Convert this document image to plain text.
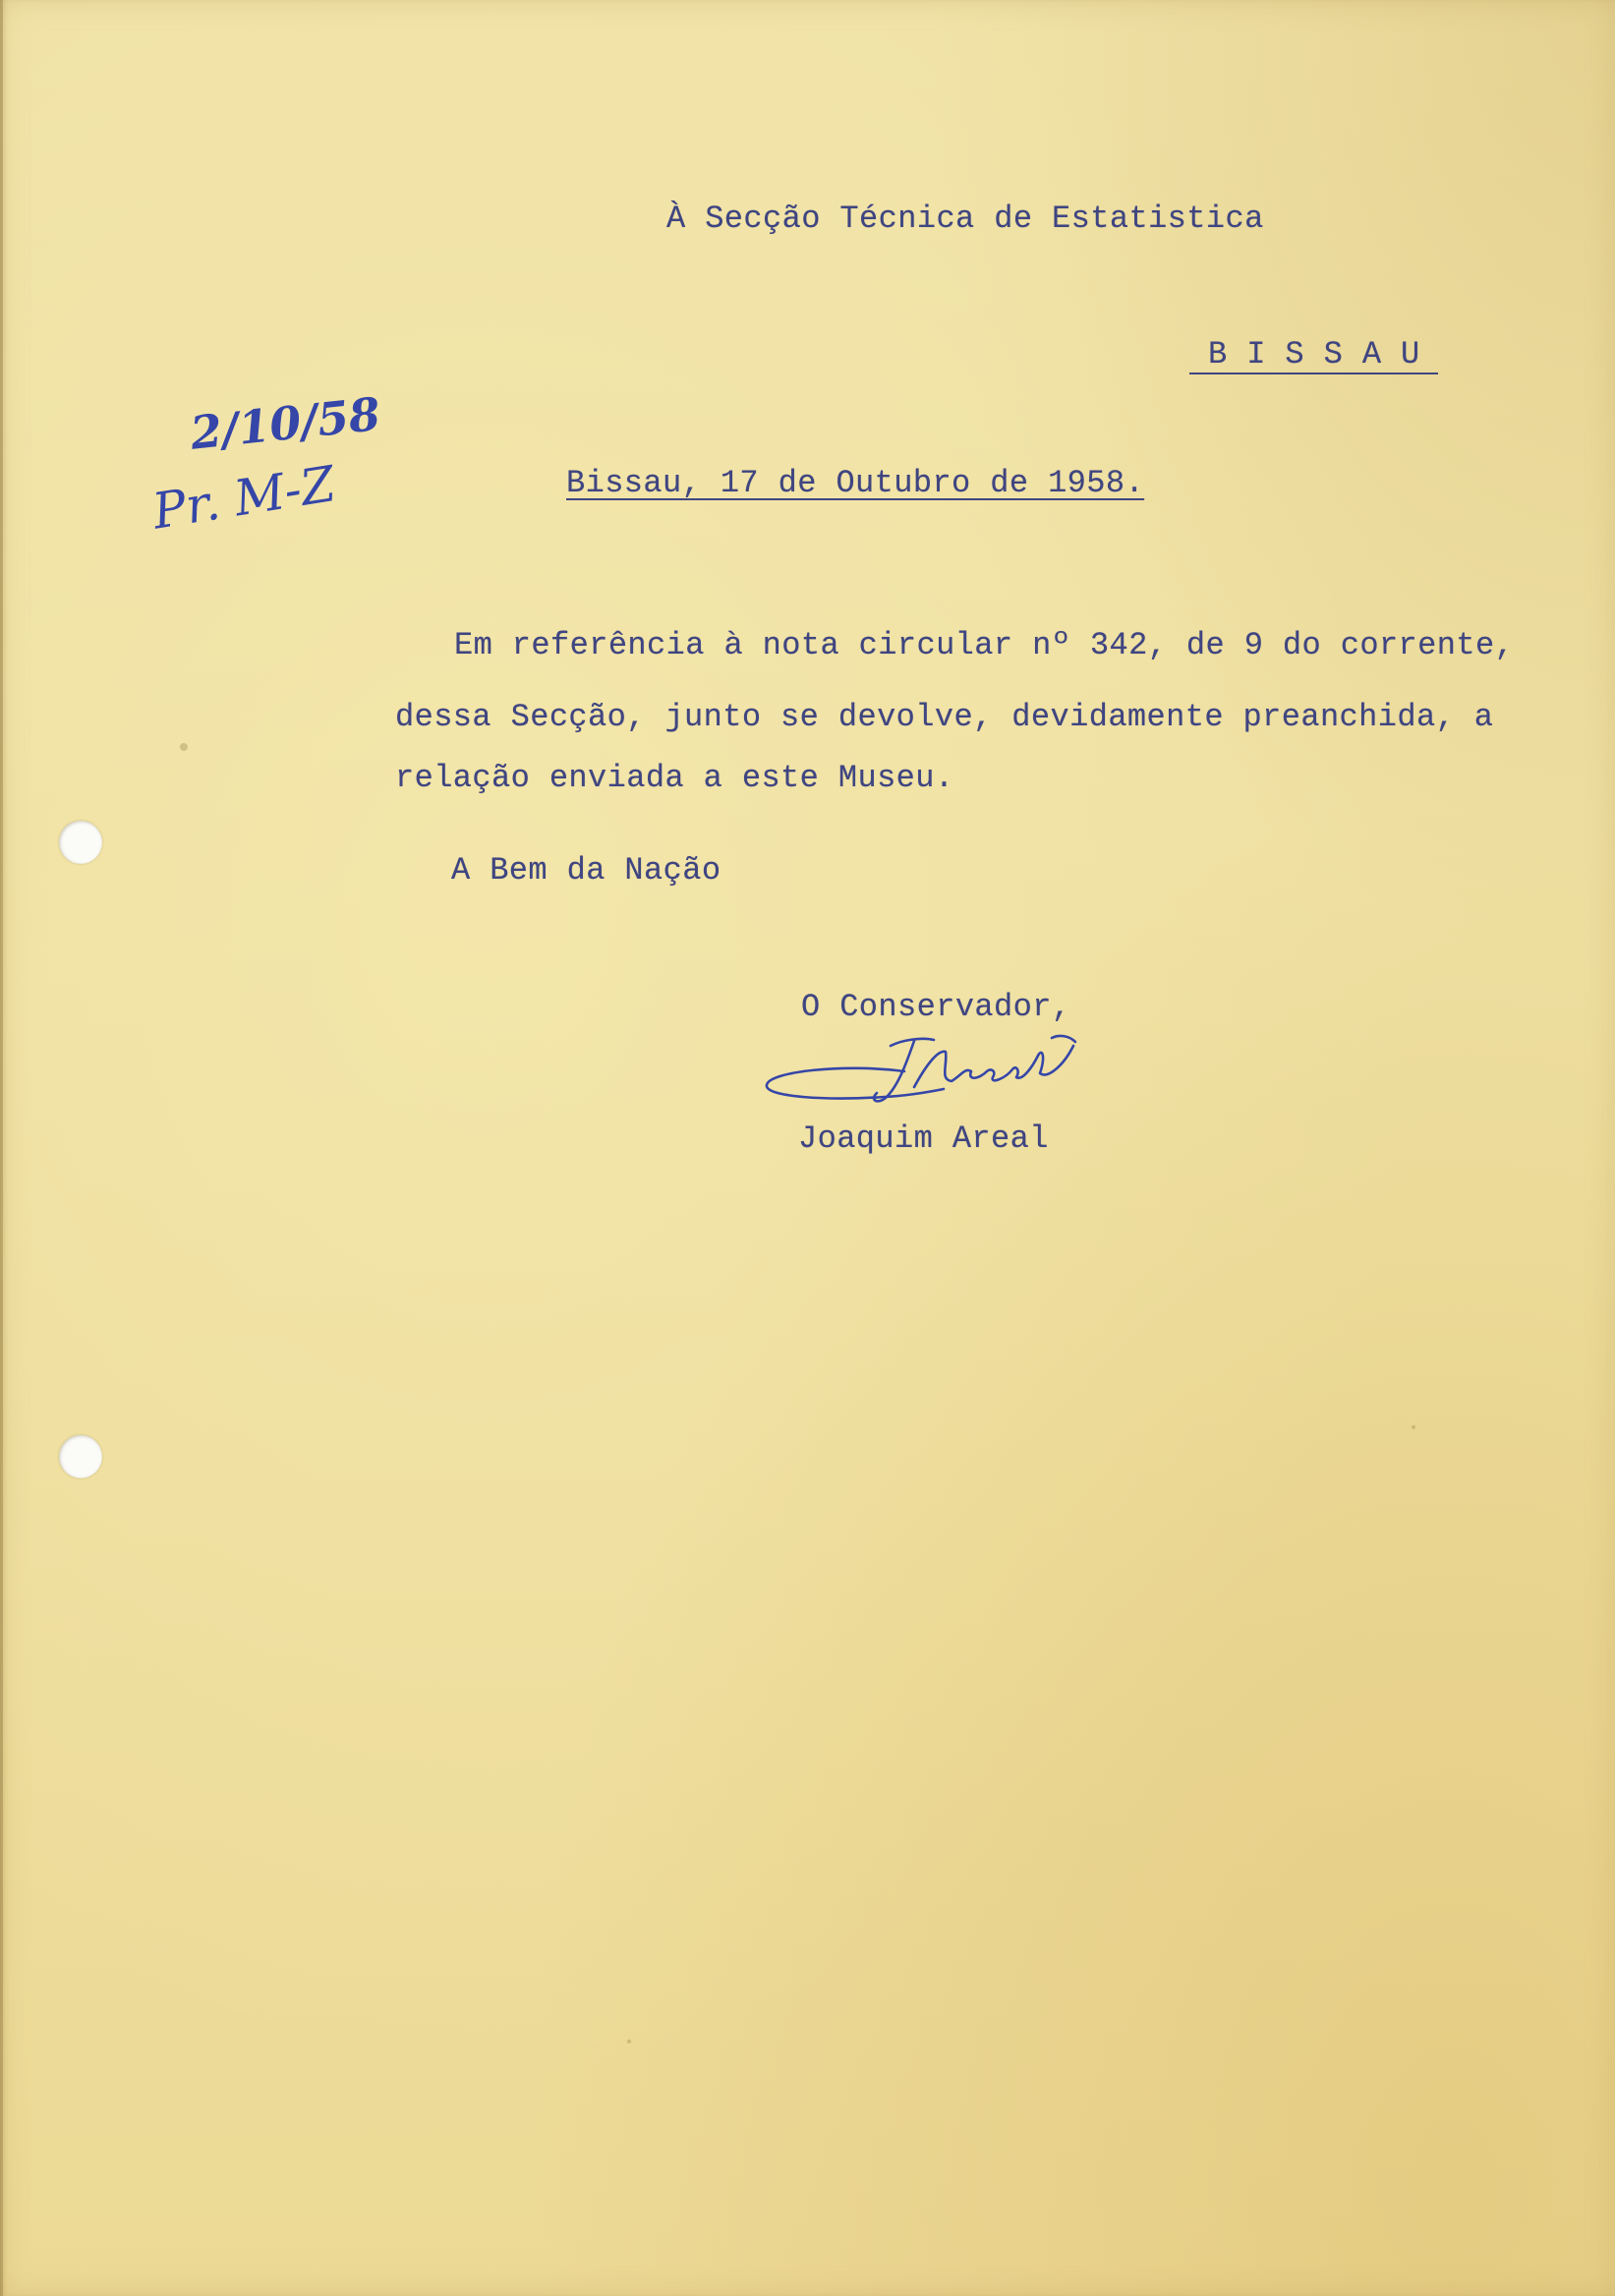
À Secção Técnica de Estatistica
B I S S A U
2/10/58
Pr. M-Z	Bissau, 17 de Outubro de 1958.
Em referência à nota circular nº 342, de 9 do corrente,
dessa Secção, junto se devolve, devidamente preanchida, a
relação enviada a este Museu.
A Bem da Nação
O Conservador,
Joaquim Areal
